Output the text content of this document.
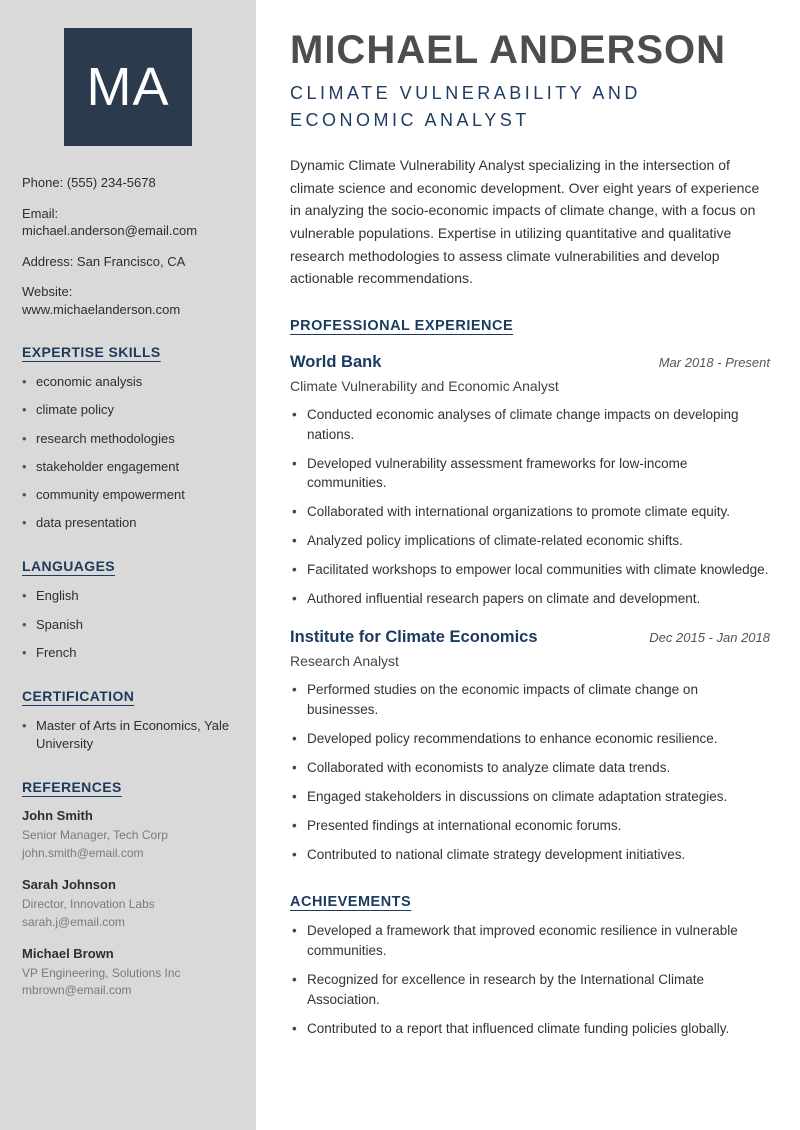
MA
Phone: (555) 234-5678
Email: michael.anderson@email.com
Address: San Francisco, CA
Website: www.michaelanderson.com
EXPERTISE SKILLS
• economic analysis
• climate policy
• research methodologies
• stakeholder engagement
• community empowerment
• data presentation
LANGUAGES
• English
• Spanish
• French
CERTIFICATION
• Master of Arts in Economics, Yale University
REFERENCES
John Smith
Senior Manager, Tech Corp
john.smith@email.com
Sarah Johnson
Director, Innovation Labs
sarah.j@email.com
Michael Brown
VP Engineering, Solutions Inc
mbrown@email.com
MICHAEL ANDERSON
CLIMATE VULNERABILITY AND ECONOMIC ANALYST

Dynamic Climate Vulnerability Analyst specializing in the intersection of climate science and economic development. Over eight years of experience in analyzing the socio-economic impacts of climate change, with a focus on vulnerable populations. Expertise in utilizing quantitative and qualitative research methodologies to assess climate vulnerabilities and develop actionable recommendations.

PROFESSIONAL EXPERIENCE
World Bank	Mar 2018 - Present
Climate Vulnerability and Economic Analyst
• Conducted economic analyses of climate change impacts on developing nations.
• Developed vulnerability assessment frameworks for low-income communities.
• Collaborated with international organizations to promote climate equity.
• Analyzed policy implications of climate-related economic shifts.
• Facilitated workshops to empower local communities with climate knowledge.
• Authored influential research papers on climate and development.
Institute for Climate Economics	Dec 2015 - Jan 2018
Research Analyst
• Performed studies on the economic impacts of climate change on businesses.
• Developed policy recommendations to enhance economic resilience.
• Collaborated with economists to analyze climate data trends.
• Engaged stakeholders in discussions on climate adaptation strategies.
• Presented findings at international economic forums.
• Contributed to national climate strategy development initiatives.
ACHIEVEMENTS
• Developed a framework that improved economic resilience in vulnerable communities.
• Recognized for excellence in research by the International Climate Association.
• Contributed to a report that influenced climate funding policies globally.
